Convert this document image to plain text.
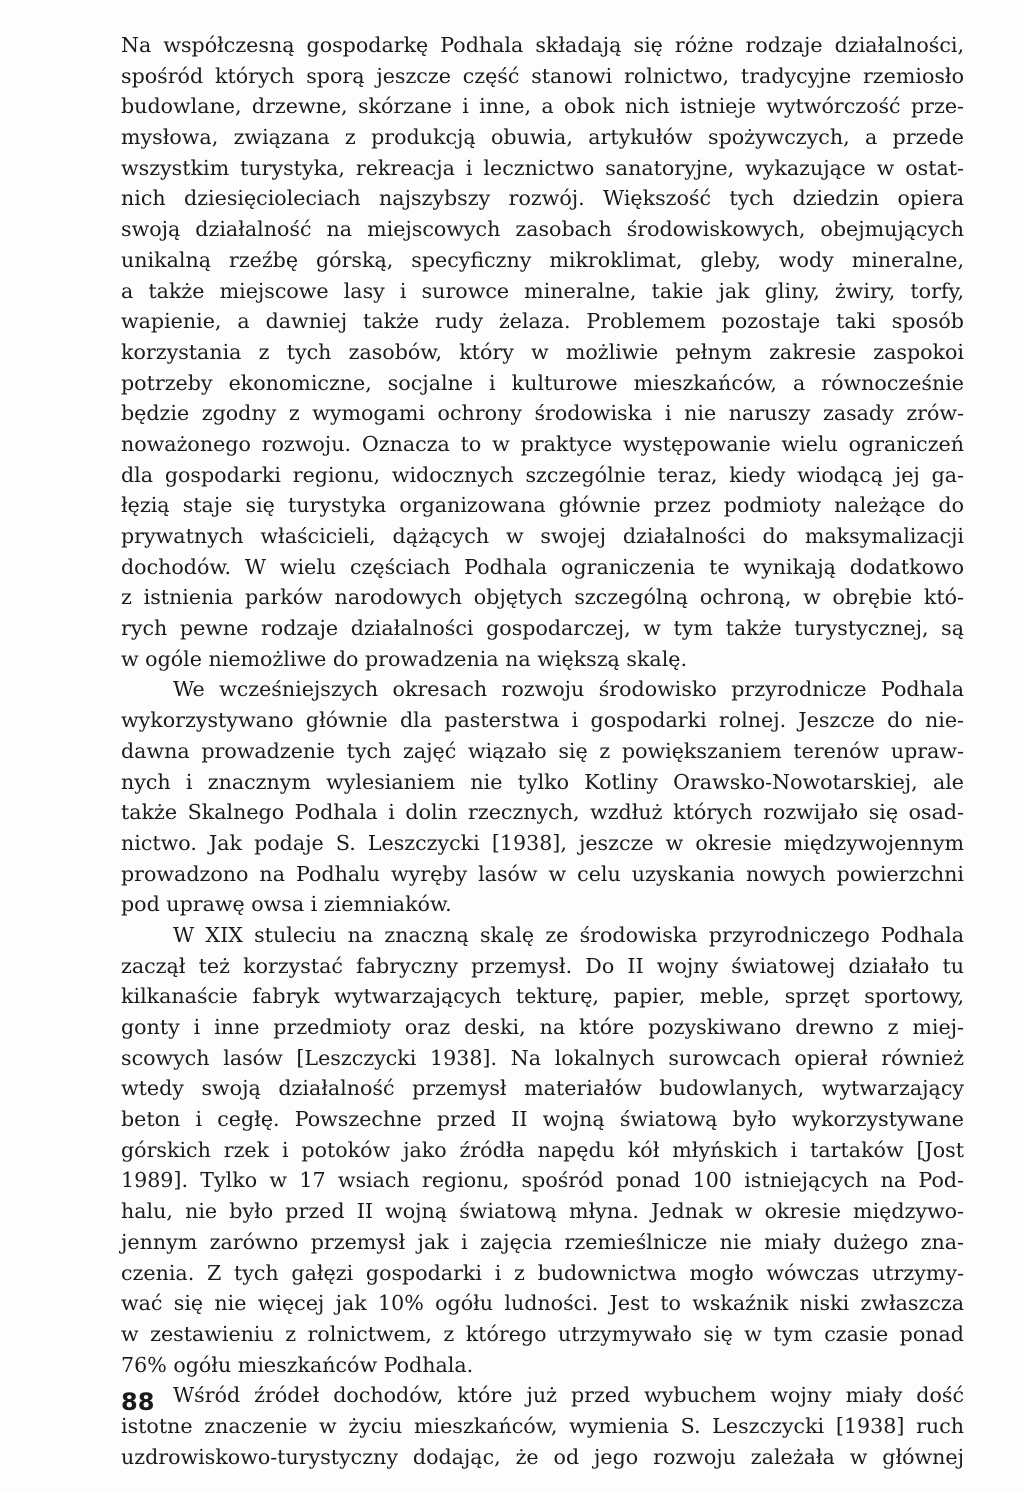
Na współczesną gospodarkę Podhala składają się różne rodzaje działalności,
spośród których sporą jeszcze część stanowi rolnictwo, tradycyjne rzemiosło
budowlane, drzewne, skórzane i inne, a obok nich istnieje wytwórczość prze-
mysłowa, związana z produkcją obuwia, artykułów spożywczych, a przede
wszystkim turystyka, rekreacja i lecznictwo sanatoryjne, wykazujące w ostat-
nich dziesięcioleciach najszybszy rozwój. Większość tych dziedzin opiera
swoją działalność na miejscowych zasobach środowiskowych, obejmujących
unikalną rzeźbę górską, specyficzny mikroklimat, gleby, wody mineralne,
a także miejscowe lasy i surowce mineralne, takie jak gliny, żwiry, torfy,
wapienie, a dawniej także rudy żelaza. Problemem pozostaje taki sposób
korzystania z tych zasobów, który w możliwie pełnym zakresie zaspokoi
potrzeby ekonomiczne, socjalne i kulturowe mieszkańców, a równocześnie
będzie zgodny z wymogami ochrony środowiska i nie naruszy zasady zrów-
noważonego rozwoju. Oznacza to w praktyce występowanie wielu ograniczeń
dla gospodarki regionu, widocznych szczególnie teraz, kiedy wiodącą jej ga-
łęzią staje się turystyka organizowana głównie przez podmioty należące do
prywatnych właścicieli, dążących w swojej działalności do maksymalizacji
dochodów. W wielu częściach Podhala ograniczenia te wynikają dodatkowo
z istnienia parków narodowych objętych szczególną ochroną, w obrębie któ-
rych pewne rodzaje działalności gospodarczej, w tym także turystycznej, są
w ogóle niemożliwe do prowadzenia na większą skalę.
We wcześniejszych okresach rozwoju środowisko przyrodnicze Podhala
wykorzystywano głównie dla pasterstwa i gospodarki rolnej. Jeszcze do nie-
dawna prowadzenie tych zajęć wiązało się z powiększaniem terenów upraw-
nych i znacznym wylesianiem nie tylko Kotliny Orawsko-Nowotarskiej, ale
także Skalnego Podhala i dolin rzecznych, wzdłuż których rozwijało się osad-
nictwo. Jak podaje S. Leszczycki [1938], jeszcze w okresie międzywojennym
prowadzono na Podhalu wyręby lasów w celu uzyskania nowych powierzchni
pod uprawę owsa i ziemniaków.
W XIX stuleciu na znaczną skalę ze środowiska przyrodniczego Podhala
zaczął też korzystać fabryczny przemysł. Do II wojny światowej działało tu
kilkanaście fabryk wytwarzających tekturę, papier, meble, sprzęt sportowy,
gonty i inne przedmioty oraz deski, na które pozyskiwano drewno z miej-
scowych lasów [Leszczycki 1938]. Na lokalnych surowcach opierał również
wtedy swoją działalność przemysł materiałów budowlanych, wytwarzający
beton i cegłę. Powszechne przed II wojną światową było wykorzystywane
górskich rzek i potoków jako źródła napędu kół młyńskich i tartaków [Jost
1989]. Tylko w 17 wsiach regionu, spośród ponad 100 istniejących na Pod-
halu, nie było przed II wojną światową młyna. Jednak w okresie międzywo-
jennym zarówno przemysł jak i zajęcia rzemieślnicze nie miały dużego zna-
czenia. Z tych gałęzi gospodarki i z budownictwa mogło wówczas utrzymy-
wać się nie więcej jak 10% ogółu ludności. Jest to wskaźnik niski zwłaszcza
w zestawieniu z rolnictwem, z którego utrzymywało się w tym czasie ponad
76% ogółu mieszkańców Podhala.
Wśród źródeł dochodów, które już przed wybuchem wojny miały dość
istotne znaczenie w życiu mieszkańców, wymienia S. Leszczycki [1938] ruch
uzdrowiskowo-turystyczny dodając, że od jego rozwoju zależała w głównej
88
